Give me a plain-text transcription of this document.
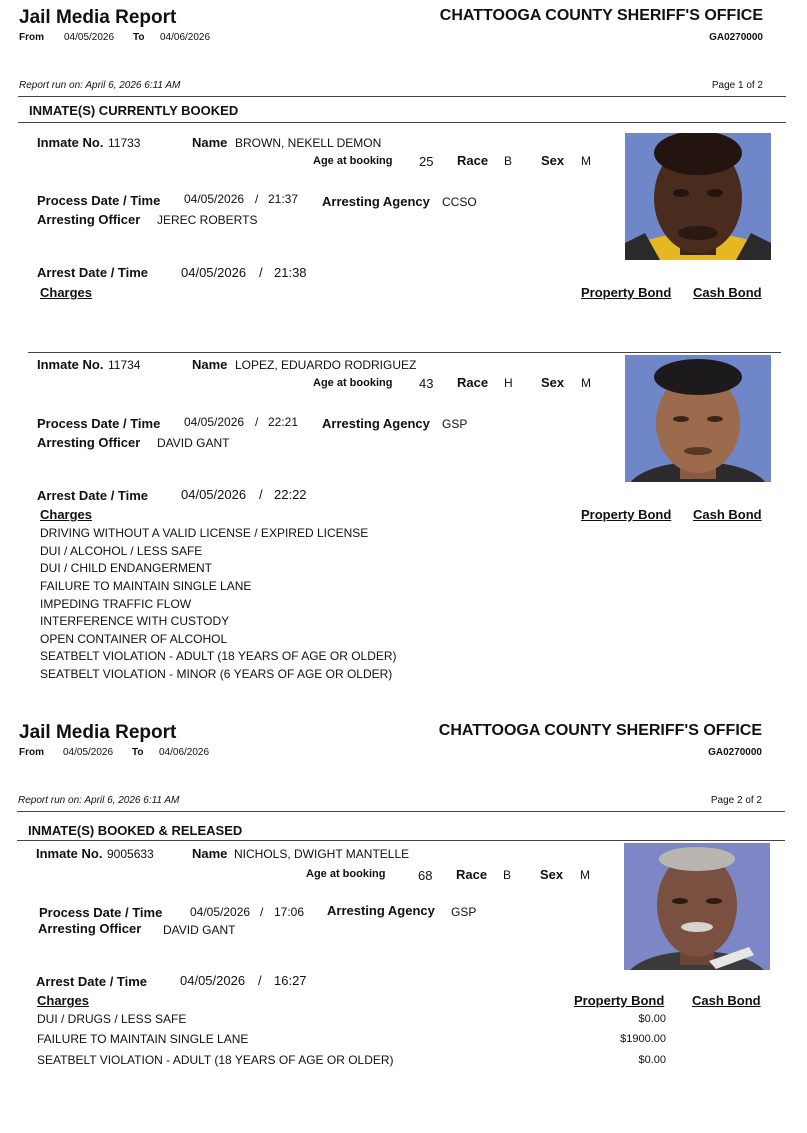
Jail Media Report	CHATTOOGA COUNTY SHERIFF'S OFFICE
From 04/05/2026 To 04/06/2026	GA0270000
Report run on: April 6, 2026 6:11 AM	Page 1 of 2
INMATE(S) CURRENTLY BOOKED
Inmate No. 11733	Name BROWN, NEKELL DEMON
Age at booking 25 Race B Sex M
Process Date / Time 04/05/2026 / 21:37 Arresting Agency CCSO
Arresting Officer JEREC ROBERTS
Arrest Date / Time	04/05/2026 / 21:38
Charges	Property Bond Cash Bond
Inmate No. 11734	Name LOPEZ, EDUARDO RODRIGUEZ
Age at booking 43 Race H Sex M
Process Date / Time 04/05/2026 / 22:21 Arresting Agency GSP
Arresting Officer DAVID GANT
Arrest Date / Time	04/05/2026 / 22:22
Charges	Property Bond Cash Bond
DRIVING WITHOUT A VALID LICENSE / EXPIRED LICENSE
DUI / ALCOHOL / LESS SAFE
DUI / CHILD ENDANGERMENT
FAILURE TO MAINTAIN SINGLE LANE
IMPEDING TRAFFIC FLOW
INTERFERENCE WITH CUSTODY
OPEN CONTAINER OF ALCOHOL
SEATBELT VIOLATION - ADULT (18 YEARS OF AGE OR OLDER)
SEATBELT VIOLATION - MINOR (6 YEARS OF AGE OR OLDER)
Jail Media Report	CHATTOOGA COUNTY SHERIFF'S OFFICE
From 04/05/2026 To 04/06/2026	GA0270000
Report run on: April 6, 2026 6:11 AM	Page 2 of 2
INMATE(S) BOOKED & RELEASED
Inmate No. 9005633	Name NICHOLS, DWIGHT MANTELLE
Age at booking	68 Race B Sex M
Process Date / Time 04/05/2026 / 17:06 Arresting Agency GSP
Arresting Officer DAVID GANT
Arrest Date / Time	04/05/2026 / 16:27
Charges	Property Bond Cash Bond
DUI / DRUGS / LESS SAFE	$0.00
FAILURE TO MAINTAIN SINGLE LANE	$1900.00
SEATBELT VIOLATION - ADULT (18 YEARS OF AGE OR OLDER)	$0.00
